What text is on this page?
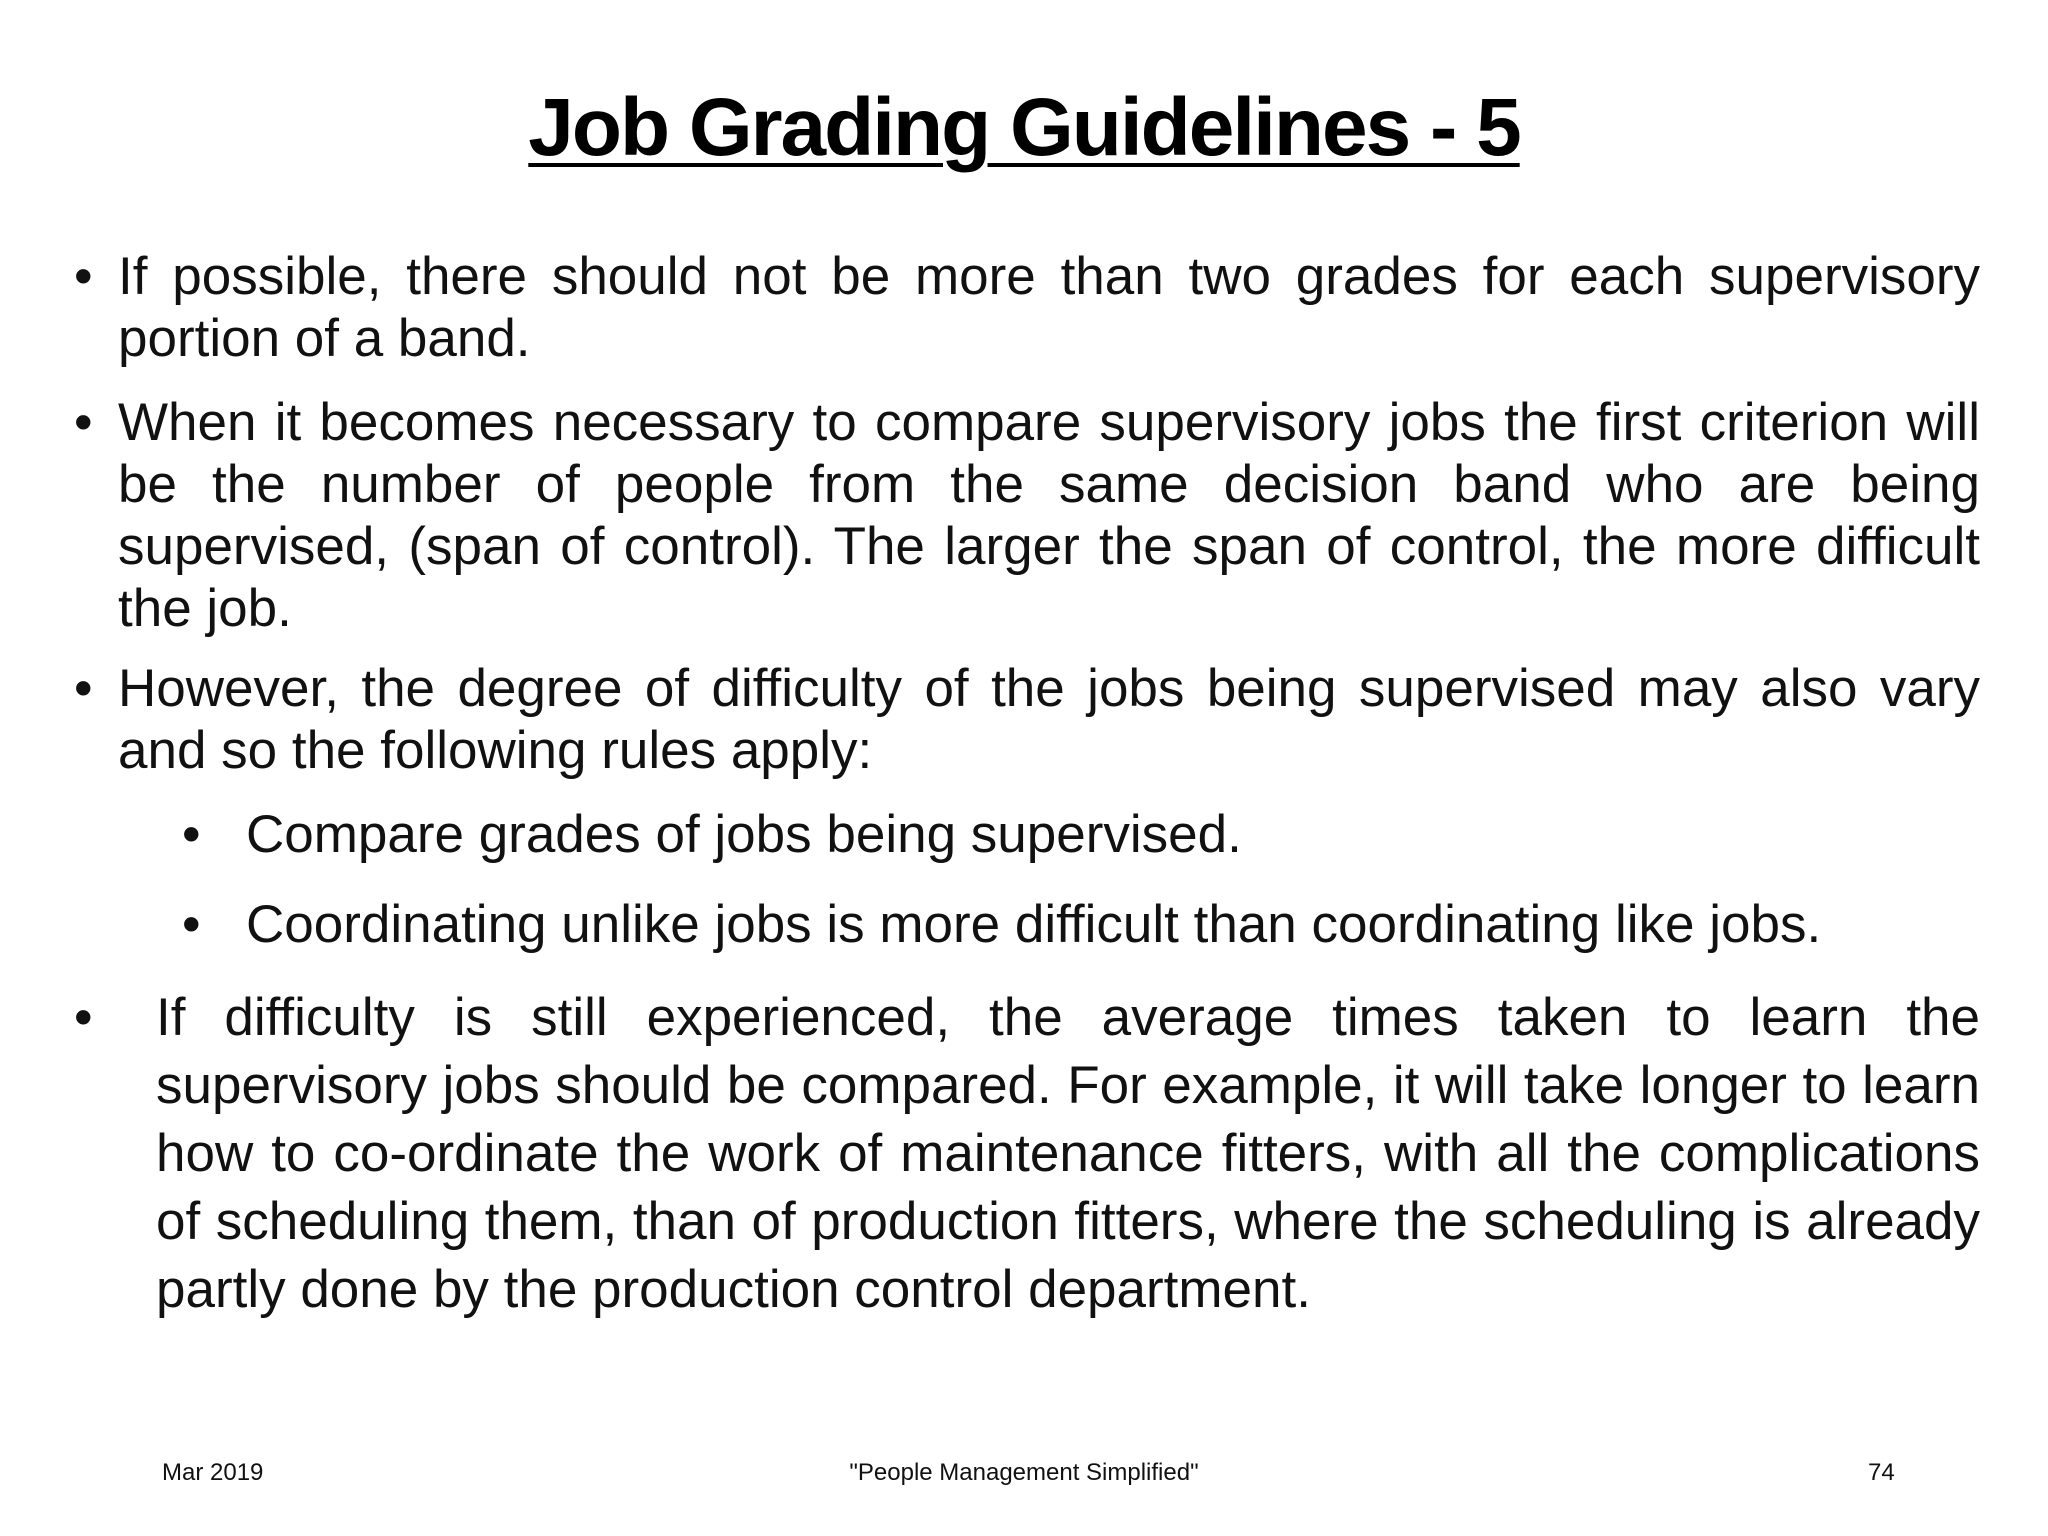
Job Grading Guidelines - 5
• If possible, there should not be more than two grades for each supervisory portion of a band.

• When it becomes necessary to compare supervisory jobs the first criterion will be the number of people from the same decision band who are being supervised, (span of control). The larger the span of control, the more difficult the job.

• However, the degree of difficulty of the jobs being supervised may also vary and so the following rules apply:

• Compare grades of jobs being supervised.

• Coordinating unlike jobs is more difficult than coordinating like jobs.

• If difficulty is still experienced, the average times taken to learn the supervisory jobs should be compared. For example, it will take longer to learn how to co-ordinate the work of maintenance fitters, with all the complications of scheduling them, than of production fitters, where the scheduling is already partly done by the production control department.

Mar 2019	"People Management Simplified"	74
